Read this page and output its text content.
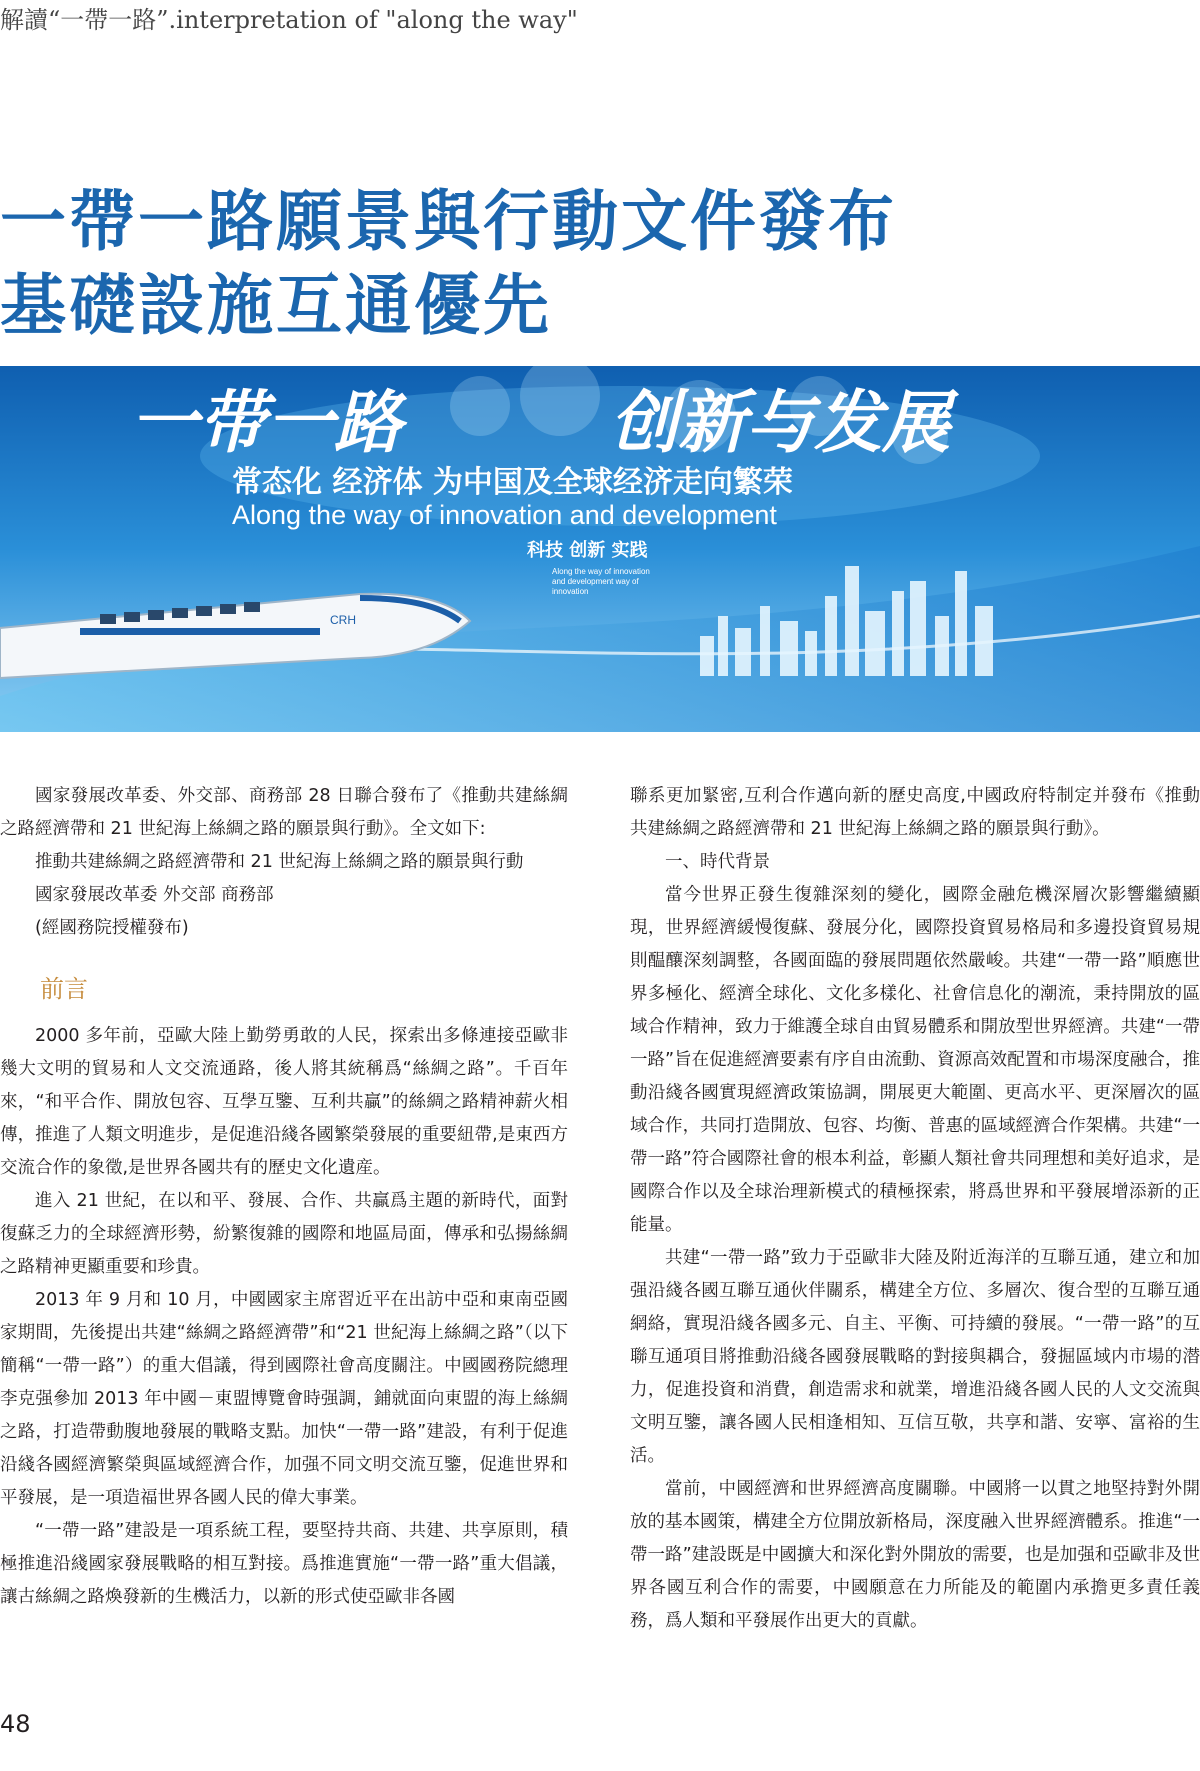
解讀“一帶一路”.interpretation of "along the way"
一帶一路願景與行動文件發布
基礎設施互通優先
CRH
一带一路	创新与发展
常态化 经济体 为中国及全球经济走向繁荣
Along the way of innovation and development
科技 创新 实践
Along the way of innovation
and development way of
innovation

國家發展改革委、外交部、商務部 28 日聯合發布了《推動共建絲綢之路經濟帶和 21 世紀海上絲綢之路的願景與行動》。全文如下:

推動共建絲綢之路經濟帶和 21 世紀海上絲綢之路的願景與行動

國家發展改革委 外交部 商務部

(經國務院授權發布)

前言

2000 多年前，亞歐大陸上勤勞勇敢的人民，探索出多條連接亞歐非幾大文明的貿易和人文交流通路，後人將其統稱爲“絲綢之路”。千百年來，“和平合作、開放包容、互學互鑒、互利共贏”的絲綢之路精神薪火相傳，推進了人類文明進步，是促進沿綫各國繁榮發展的重要紐帶,是東西方交流合作的象徵,是世界各國共有的歷史文化遺産。

進入 21 世紀，在以和平、發展、合作、共贏爲主題的新時代，面對復蘇乏力的全球經濟形勢，紛繁復雜的國際和地區局面，傳承和弘揚絲綢之路精神更顯重要和珍貴。

2013 年 9 月和 10 月，中國國家主席習近平在出訪中亞和東南亞國家期間，先後提出共建“絲綢之路經濟帶”和“21 世紀海上絲綢之路”（以下簡稱“一帶一路”）的重大倡議，得到國際社會高度關注。中國國務院總理李克强參加 2013 年中國－東盟博覽會時强調，鋪就面向東盟的海上絲綢之路，打造帶動腹地發展的戰略支點。加快“一帶一路”建設，有利于促進沿綫各國經濟繁榮與區域經濟合作，加强不同文明交流互鑒，促進世界和平發展，是一項造福世界各國人民的偉大事業。

“一帶一路”建設是一項系統工程，要堅持共商、共建、共享原則，積極推進沿綫國家發展戰略的相互對接。爲推進實施“一帶一路”重大倡議，讓古絲綢之路煥發新的生機活力，以新的形式使亞歐非各國

聯系更加緊密,互利合作邁向新的歷史高度,中國政府特制定并發布《推動共建絲綢之路經濟帶和 21 世紀海上絲綢之路的願景與行動》。

一、時代背景

當今世界正發生復雜深刻的變化，國際金融危機深層次影響繼續顯現，世界經濟緩慢復蘇、發展分化，國際投資貿易格局和多邊投資貿易規則醖釀深刻調整，各國面臨的發展問題依然嚴峻。共建“一帶一路”順應世界多極化、經濟全球化、文化多樣化、社會信息化的潮流，秉持開放的區域合作精神，致力于維護全球自由貿易體系和開放型世界經濟。共建“一帶一路”旨在促進經濟要素有序自由流動、資源高效配置和市場深度融合，推動沿綫各國實現經濟政策協調，開展更大範圍、更高水平、更深層次的區域合作，共同打造開放、包容、均衡、普惠的區域經濟合作架構。共建“一帶一路”符合國際社會的根本利益，彰顯人類社會共同理想和美好追求，是國際合作以及全球治理新模式的積極探索，將爲世界和平發展增添新的正能量。

共建“一帶一路”致力于亞歐非大陸及附近海洋的互聯互通，建立和加强沿綫各國互聯互通伙伴關系，構建全方位、多層次、復合型的互聯互通網絡，實現沿綫各國多元、自主、平衡、可持續的發展。“一帶一路”的互聯互通項目將推動沿綫各國發展戰略的對接與耦合，發掘區域内市場的潜力，促進投資和消費，創造需求和就業，增進沿綫各國人民的人文交流與文明互鑒，讓各國人民相逢相知、互信互敬，共享和諧、安寧、富裕的生活。

當前，中國經濟和世界經濟高度關聯。中國將一以貫之地堅持對外開放的基本國策，構建全方位開放新格局，深度融入世界經濟體系。推進“一帶一路”建設既是中國擴大和深化對外開放的需要，也是加强和亞歐非及世界各國互利合作的需要，中國願意在力所能及的範圍内承擔更多責任義務，爲人類和平發展作出更大的貢獻。

48
